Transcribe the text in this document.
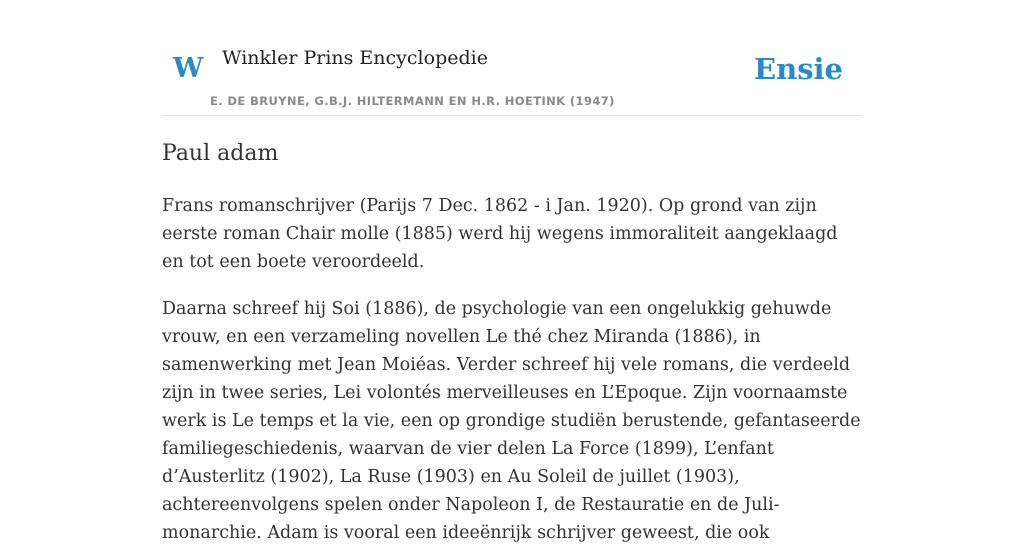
W Winkler Prins Encyclopedie
E. DE BRUYNE, G.B.J. HILTERMANN EN H.R. HOETINK (1947)
Ensie
Paul adam

Frans romanschrijver (Parijs 7 Dec. 1862 - i Jan. 1920). Op grond van zijn eerste roman Chair molle (1885) werd hij wegens immoraliteit aangeklaagd en tot een boete veroordeeld.

Daarna schreef hij Soi (1886), de psychologie van een ongelukkig gehuwde vrouw, en een verzameling novellen Le thé chez Miranda (1886), in samenwerking met Jean Moiéas. Verder schreef hij vele romans, die verdeeld zijn in twee series, Lei volontés merveilleuses en L’Epoque. Zijn voornaamste werk is Le temps et la vie, een op grondige studiën berustende, gefantaseerde familiegeschiedenis, waarvan de vier delen La Force (1899), L’enfant d’Austerlitz (1902), La Ruse (1903) en Au Soleil de juillet (1903), achtereenvolgens spelen onder Napoleon I, de Restauratie en de Juli-monarchie. Adam is vooral een ideeënrijk schrijver geweest, die ook
